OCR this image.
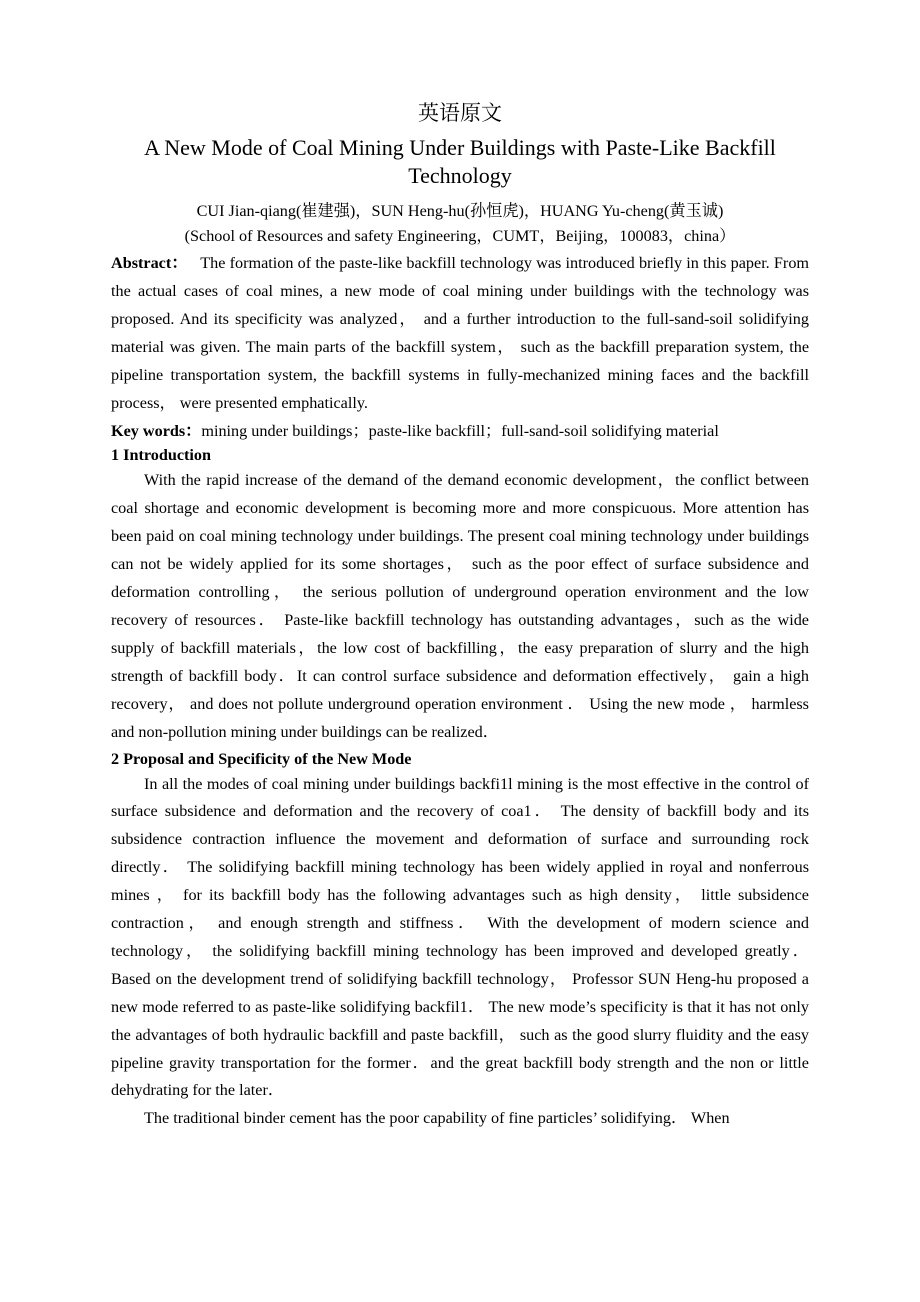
英语原文
A New Mode of Coal Mining Under Buildings with Paste-Like Backfill Technology

CUI Jian-qiang(崔建强)，SUN Heng-hu(孙恒虎)，HUANG Yu-cheng(黄玉诚)

(School of Resources and safety Engineering，CUMT，Beijing，100083，china）

Abstract： The formation of the paste-like backfill technology was introduced briefly in this paper. From the actual cases of coal mines, a new mode of coal mining under buildings with the technology was proposed. And its specificity was analyzed， and a further introduction to the full-sand-soil solidifying material was given. The main parts of the backfill system， such as the backfill preparation system, the pipeline transportation system, the backfill systems in fully-mechanized mining faces and the backfill process， were presented emphatically.

Key words：mining under buildings；paste-like backfill；full-sand-soil solidifying material

1 Introduction

With the rapid increase of the demand of the demand economic development，the conflict between coal shortage and economic development is becoming more and more conspicuous. More attention has been paid on coal mining technology under buildings. The present coal mining technology under buildings can not be widely applied for its some shortages， such as the poor effect of surface subsidence and deformation controlling， the serious pollution of underground operation environment and the low recovery of resources． Paste-like backfill technology has outstanding advantages，such as the wide supply of backfill materials，the low cost of backfilling，the easy preparation of slurry and the high strength of backfill body．It can control surface subsidence and deformation effectively， gain a high recovery， and does not pollute underground operation environment ． Using the new mode ， harmless and non-pollution mining under buildings can be realized．

2 Proposal and Specificity of the New Mode

In all the modes of coal mining under buildings backfi1l mining is the most effective in the control of surface subsidence and deformation and the recovery of coa1． The density of backfill body and its subsidence contraction influence the movement and deformation of surface and surrounding rock directly． The solidifying backfill mining technology has been widely applied in royal and nonferrous mines ， for its backfill body has the following advantages such as high density， little subsidence contraction， and enough strength and stiffness． With the development of modern science and technology， the solidifying backfill mining technology has been improved and developed greatly． Based on the development trend of solidifying backfill technology， Professor SUN Heng-hu proposed a new mode referred to as paste-like solidifying backfil1． The new mode’s specificity is that it has not only the advantages of both hydraulic backfill and paste backfill， such as the good slurry fluidity and the easy pipeline gravity transportation for the former．and the great backfill body strength and the non or little dehydrating for the later．

The traditional binder cement has the poor capability of fine particles’ solidifying． When
